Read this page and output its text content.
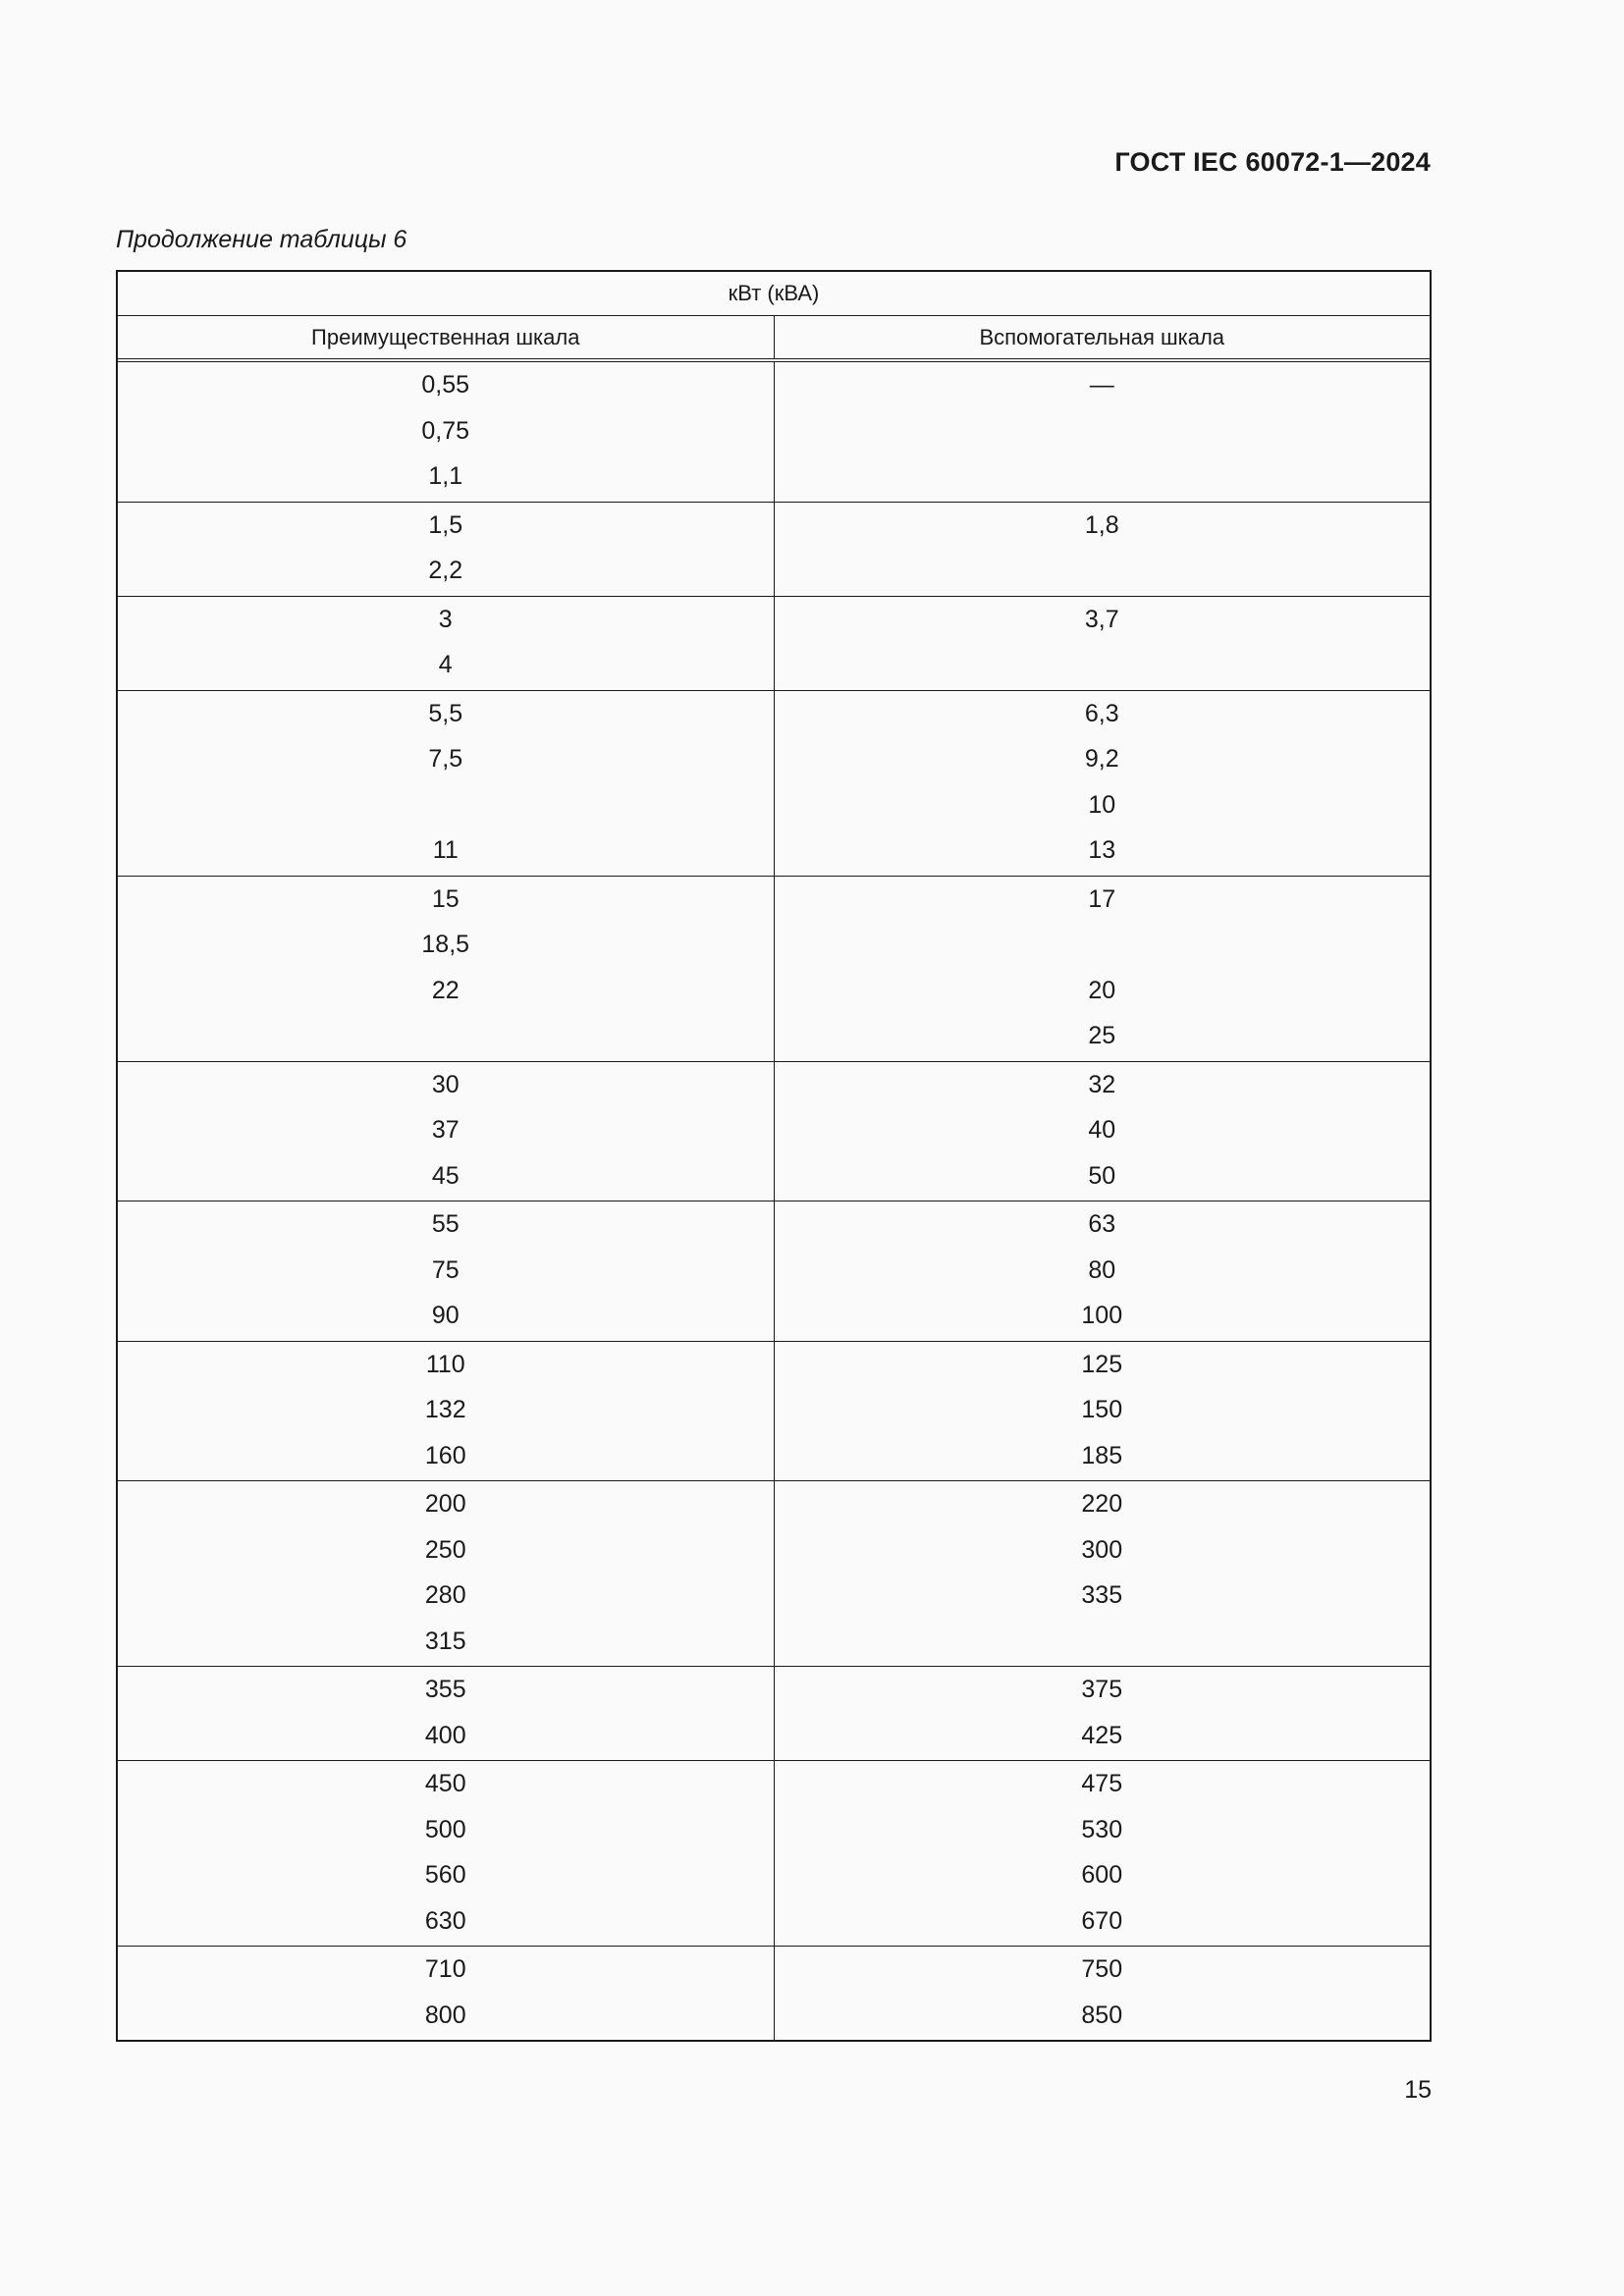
ГОСТ IEC 60072-1—2024
Продолжение таблицы 6
кВт (кВА)
Преимущественная шкала	Вспомогательная шкала
0,55
0,75
1,1
—
1,5
2,2
1,8
3
4
3,7
5,5
7,5
11
6,3
9,2
10
13
15
18,5
22
17
20
25
30
37
45
32
40
50
55
75
90
63
80
100
110
132
160
125
150
185
200
250
280
315
220
300
335
355
400
375
425
450
500
560
630
475
530
600
670
710
800
750
850
15
